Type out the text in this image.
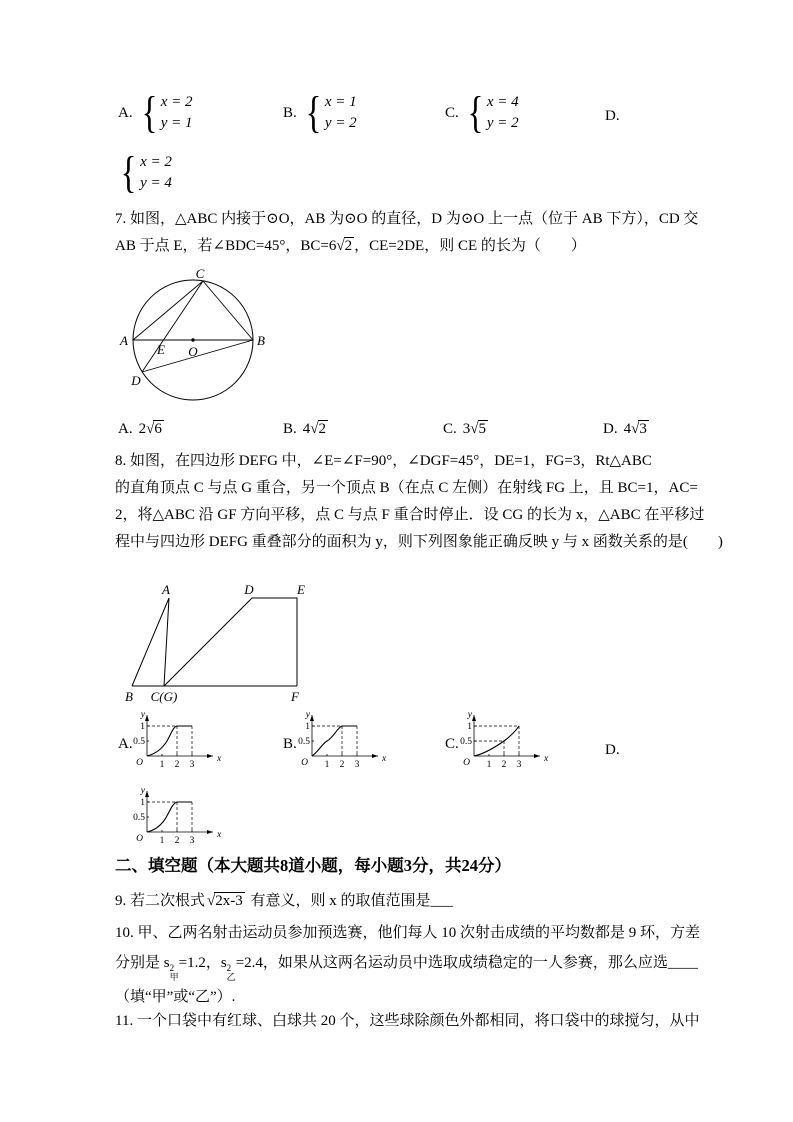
A. { x = 2
y = 1
B. { x = 1
y = 2
C. { x = 4
y = 2	D.
{ x = 2
y = 4
7. 如图，△ABC 内接于⊙O，AB 为⊙O 的直径，D 为⊙O 上一点（位于 AB 下方），CD 交
AB 于点 E，若∠BDC=45°，BC=6√2 ，CE=2DE，则 CE 的长为（　　）
C
A	B
D
E O
A. 2 √6	B. 4 √2	C. 3 √5	D. 4 √3
8. 如图，在四边形 DEFG 中，∠E=∠F=90°，∠DGF=45°，DE=1，FG=3，Rt△ABC
的直角顶点 C 与点 G 重合，另一个顶点 B（在点 C 左侧）在射线 FG 上，且 BC=1，AC=
2，将△ABC 沿 GF 方向平移，点 C 与点 F 重合时停止．设 CG 的长为 x，△ABC 在平移过
程中与四边形 DEFG 重叠部分的面积为 y，则下列图象能正确反映 y 与 x 函数关系的是(　　)
A	D	E
B C(G)	F
A.
1
0.5
O 1 2 3
y
x
B.
1
0.5
O 1 2 3
y
x
C.
1
0.5
O 1 2 3
y
x
D.
1
0.5
O 1 2 3
y
x
二、填空题（本大题共8道小题，每小题3分，共24分）
9. 若二次根式 √2x-3 有意义，则 x 的取值范围是___
10. 甲、乙两名射击运动员参加预选赛，他们每人 10 次射击成绩的平均数都是 9 环，方差
分别是 s 2
甲
=1.2，s 2
乙
=2.4，如果从这两名运动员中选取成绩稳定的一人参赛，那么应选____
（填“甲”或“乙”）.
11. 一个口袋中有红球、白球共 20 个，这些球除颜色外都相同，将口袋中的球搅匀，从中
